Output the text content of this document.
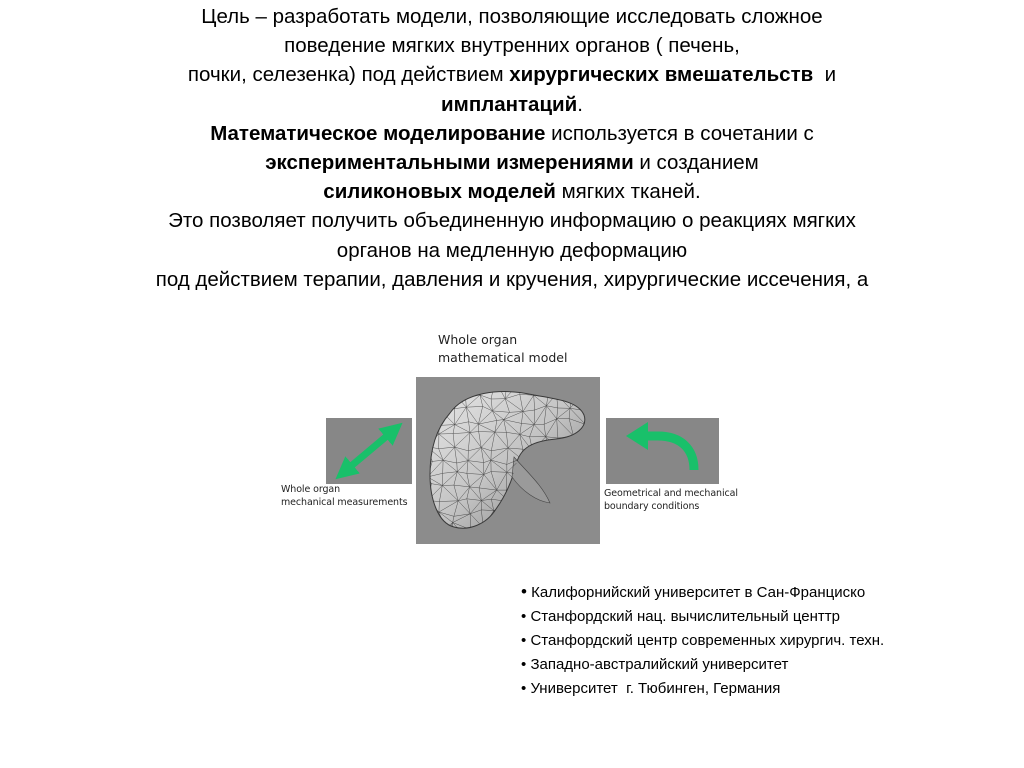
Цель – разработать модели, позволяющие исследовать сложное
поведение мягких внутренних органов ( печень,
почки, селезенка) под действием хирургических вмешательств  и
имплантаций.
Математическое моделирование используется в сочетании с
экспериментальными измерениями и созданием
силиконовых моделей мягких тканей.
Это позволяет получить объединенную информацию о реакциях мягких
органов на медленную деформацию
под действием терапии, давления и кручения, хирургические иссечения, а
Whole organ
mathematical model
Whole organ
mechanical measurements
Geometrical and mechanical
boundary conditions
• Калифорнийский университет в Сан-Франциско
• Станфордский нац. вычислительный центтр
• Станфордский центр современных хирургич. техн.
• Западно-австралийский университет
• Университет  г. Тюбинген, Германия
